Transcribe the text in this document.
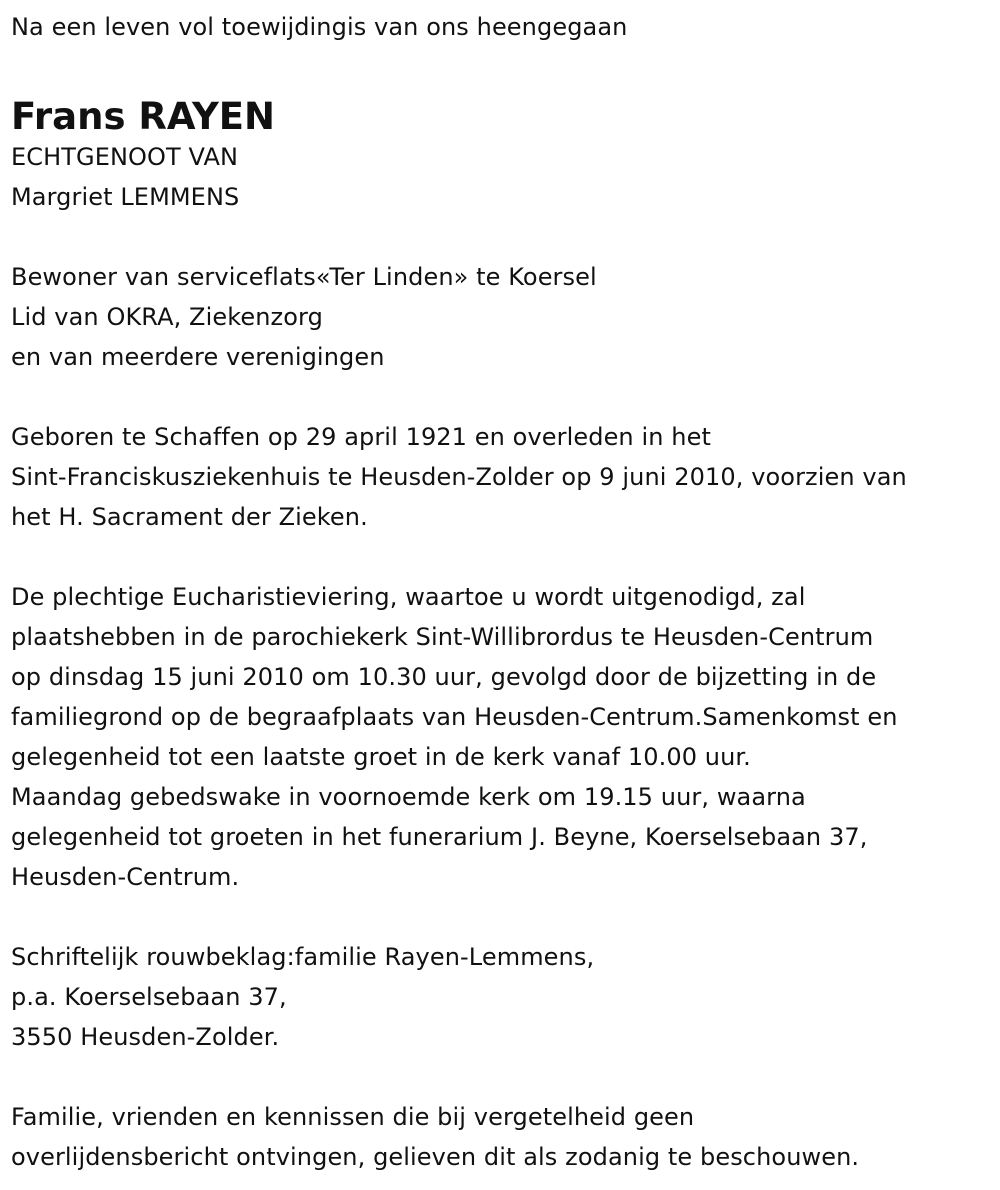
Na een leven vol toewijdingis van ons heengegaan
Frans RAYEN
ECHTGENOOT VAN
Margriet LEMMENS
Bewoner van serviceflats«Ter Linden» te Koersel
Lid van OKRA, Ziekenzorg
en van meerdere verenigingen
Geboren te Schaffen op 29 april 1921 en overleden in het
Sint-Franciskusziekenhuis te Heusden-Zolder op 9 juni 2010, voorzien van
het H. Sacrament der Zieken.
De plechtige Eucharistieviering, waartoe u wordt uitgenodigd, zal
plaatshebben in de parochiekerk Sint-Willibrordus te Heusden-Centrum
op dinsdag 15 juni 2010 om 10.30 uur, gevolgd door de bijzetting in de
familiegrond op de begraafplaats van Heusden-Centrum.Samenkomst en
gelegenheid tot een laatste groet in de kerk vanaf 10.00 uur.
Maandag gebedswake in voornoemde kerk om 19.15 uur, waarna
gelegenheid tot groeten in het funerarium J. Beyne, Koerselsebaan 37,
Heusden-Centrum.
Schriftelijk rouwbeklag:familie Rayen-Lemmens,
p.a. Koerselsebaan 37,
3550 Heusden-Zolder.
Familie, vrienden en kennissen die bij vergetelheid geen
overlijdensbericht ontvingen, gelieven dit als zodanig te beschouwen.
